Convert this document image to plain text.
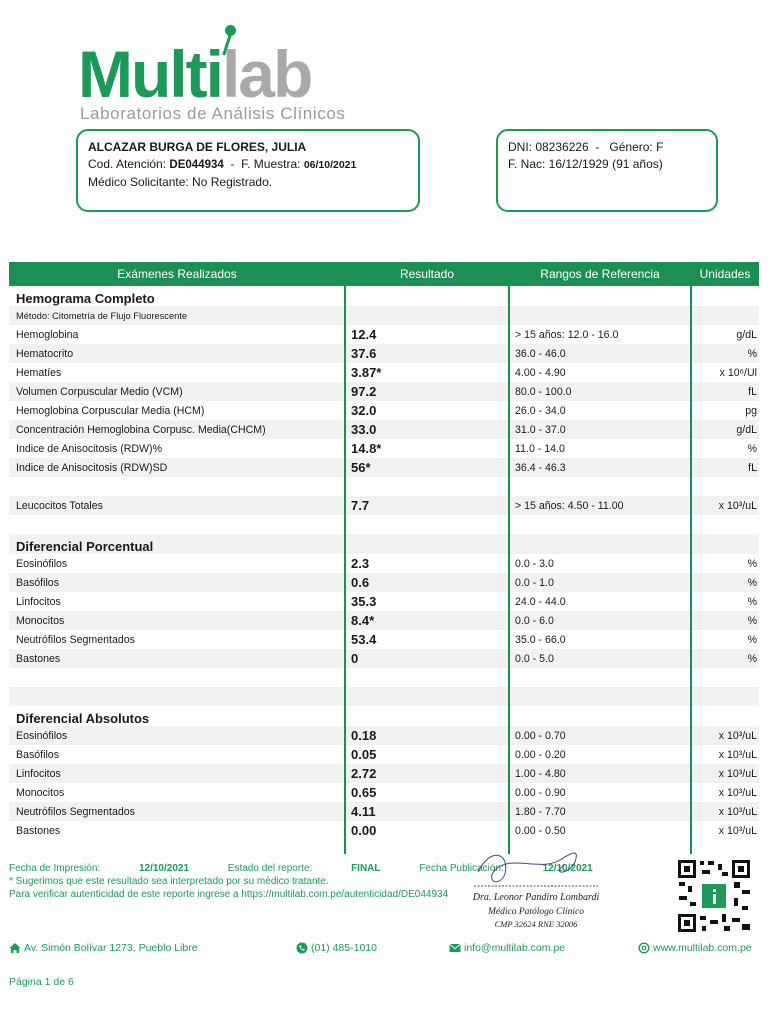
Multilab
Laboratorios de Análisis Clínicos
ALCAZAR BURGA DE FLORES, JULIA
Cod. Atención: DE044934  -  F. Muestra: 06/10/2021
Médico Solicitante: No Registrado.
DNI: 08236226  -   Género: F
F. Nac: 16/12/1929 (91 años)
Exámenes Realizados	Resultado	Rangos de Referencia	Unidades
Hemograma Completo
Método: Citometría de Flujo Fluorescente
Hemoglobina	12.4	> 15 años: 12.0 - 16.0	g/dL
Hematocrito	37.6	36.0 - 46.0	%
Hematíes	3.87*	4.00 - 4.90	x 10⁶/Ul
Volumen Corpuscular Medio (VCM)	97.2	80.0 - 100.0	fL
Hemoglobina Corpuscular Media (HCM)	32.0	26.0 - 34.0	pg
Concentración Hemoglobina Corpusc. Media(CHCM)	33.0	31.0 - 37.0	g/dL
Indice de Anisocitosis (RDW)%	14.8*	11.0 - 14.0	%
Indice de Anisocitosis (RDW)SD	56*	36.4 - 46.3	fL
Leucocitos Totales	7.7	> 15 años: 4.50 - 11.00	x 10³/uL
Diferencial Porcentual
Eosinófilos	2.3	0.0 - 3.0	%
Basófilos	0.6	0.0 - 1.0	%
Linfocitos	35.3	24.0 - 44.0	%
Monocitos	8.4*	0.0 - 6.0	%
Neutrófilos Segmentados	53.4	35.0 - 66.0	%
Bastones	0	0.0 - 5.0	%
Diferencial Absolutos
Eosinófilos	0.18	0.00 - 0.70	x 10³/uL
Basófilos	0.05	0.00 - 0.20	x 10³/uL
Linfocitos	2.72	1.00 - 4.80	x 10³/uL
Monocitos	0.65	0.00 - 0.90	x 10³/uL
Neutrófilos Segmentados	4.11	1.80 - 7.70	x 10³/uL
Bastones	0.00	0.00 - 0.50	x 10³/uL
Fecha de Impresión:	12/10/2021	Estado del reporte:	FINAL	Fecha Publicación:	12/10/2021
* Sugerimos que este resultado sea interpretado por su médico tratante.
Para verificar autenticidad de este reporte ingrese a https://multilab.com.pe/autenticidad/DE044934	Dra. Leonor Pandiro Lombardi
Médico Patólogo Clínico
CMP 32624 RNE 32006
Av. Simón Bolívar 1273, Pueblo Libre	(01) 485-1010	info@multilab.com.pe	www.multilab.com.pe
Página 1 de 6
